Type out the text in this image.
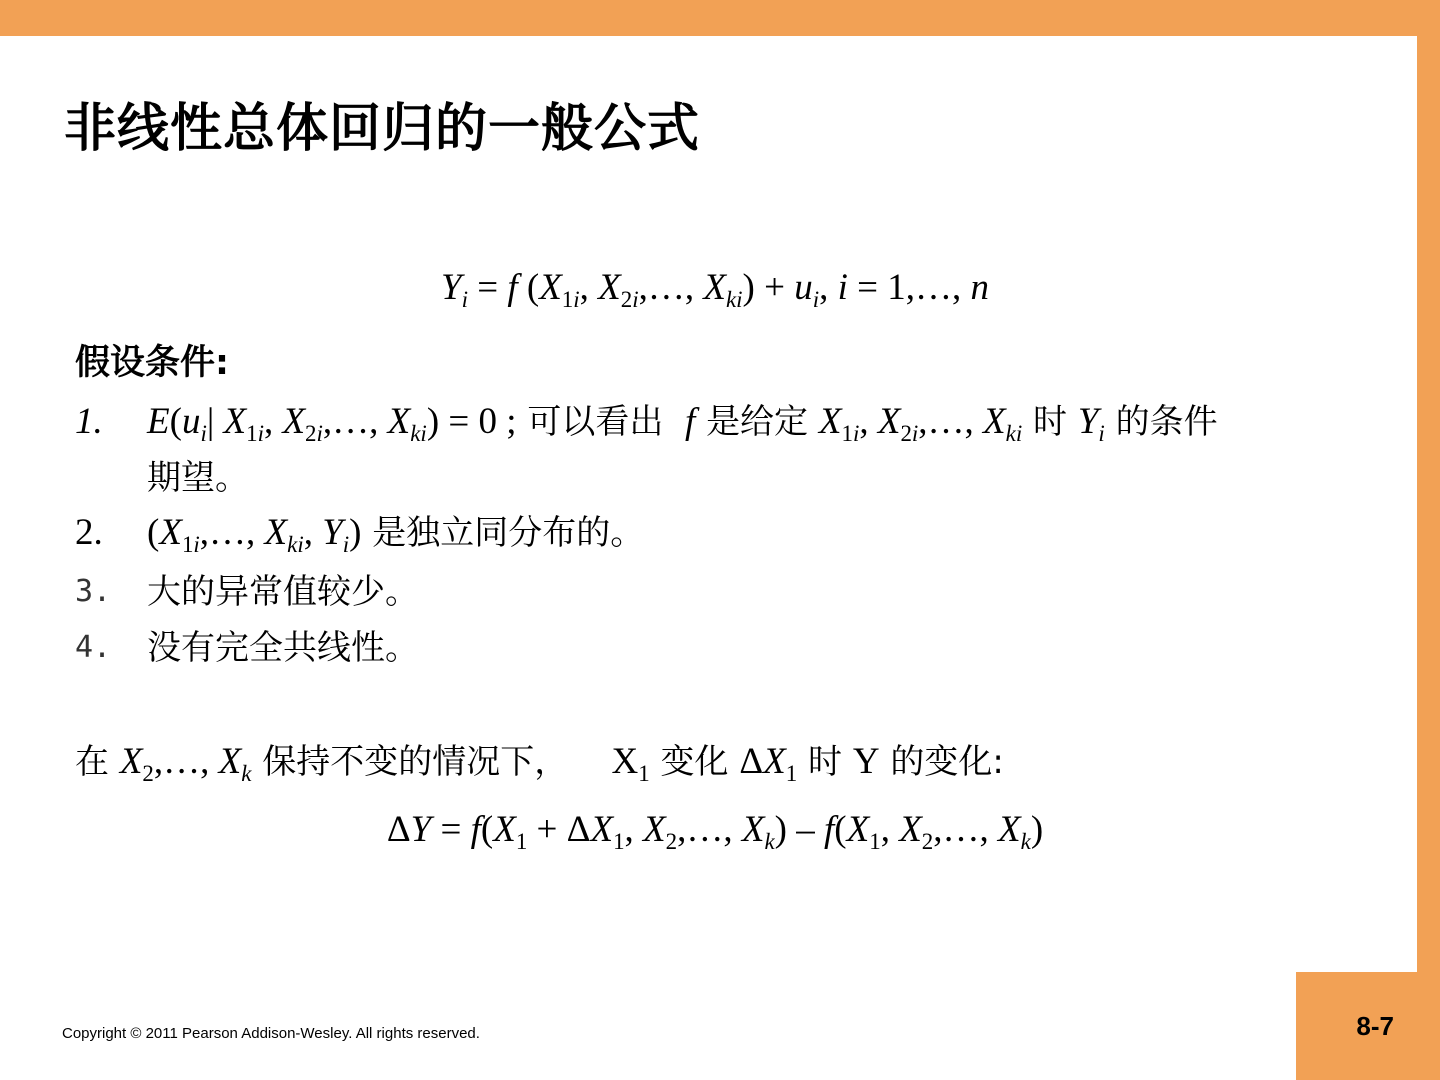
非线性总体回归的一般公式
$Y_i = f$ ($X_{1i}$, $X_{2i},\dots$, $X_{ki}) + u_i$, i = 1,…, n
假设条件:
1.	$E(u_i|$ $X_{1i}$, $X_{2i},\dots$, $X_{ki}) = 0$ ; 可以看出 f 是给定 $X_{1i}$, $X_{2i},\dots$, $X_{ki}$ 时 $Y_i$ 的条件
期望。
2.	($X_{1i},\dots$, $X_{ki}$, $Y_i$) 是独立同分布的。
3.	大的异常值较少。
4.	没有完全共线性。
在 $X_2,\dots$, $X_k$ 保持不变的情况下， $X_1$ 变化 $\Delta X_1$ 时 Y 的变化:
$\Delta Y = f(X_1 + \Delta X_1$, $X_2,\dots$, $X_k) - f(X_1$, $X_2,\dots$, $X_k$)
Copyright © 2011 Pearson Addison-Wesley. All rights reserved.	8-7
